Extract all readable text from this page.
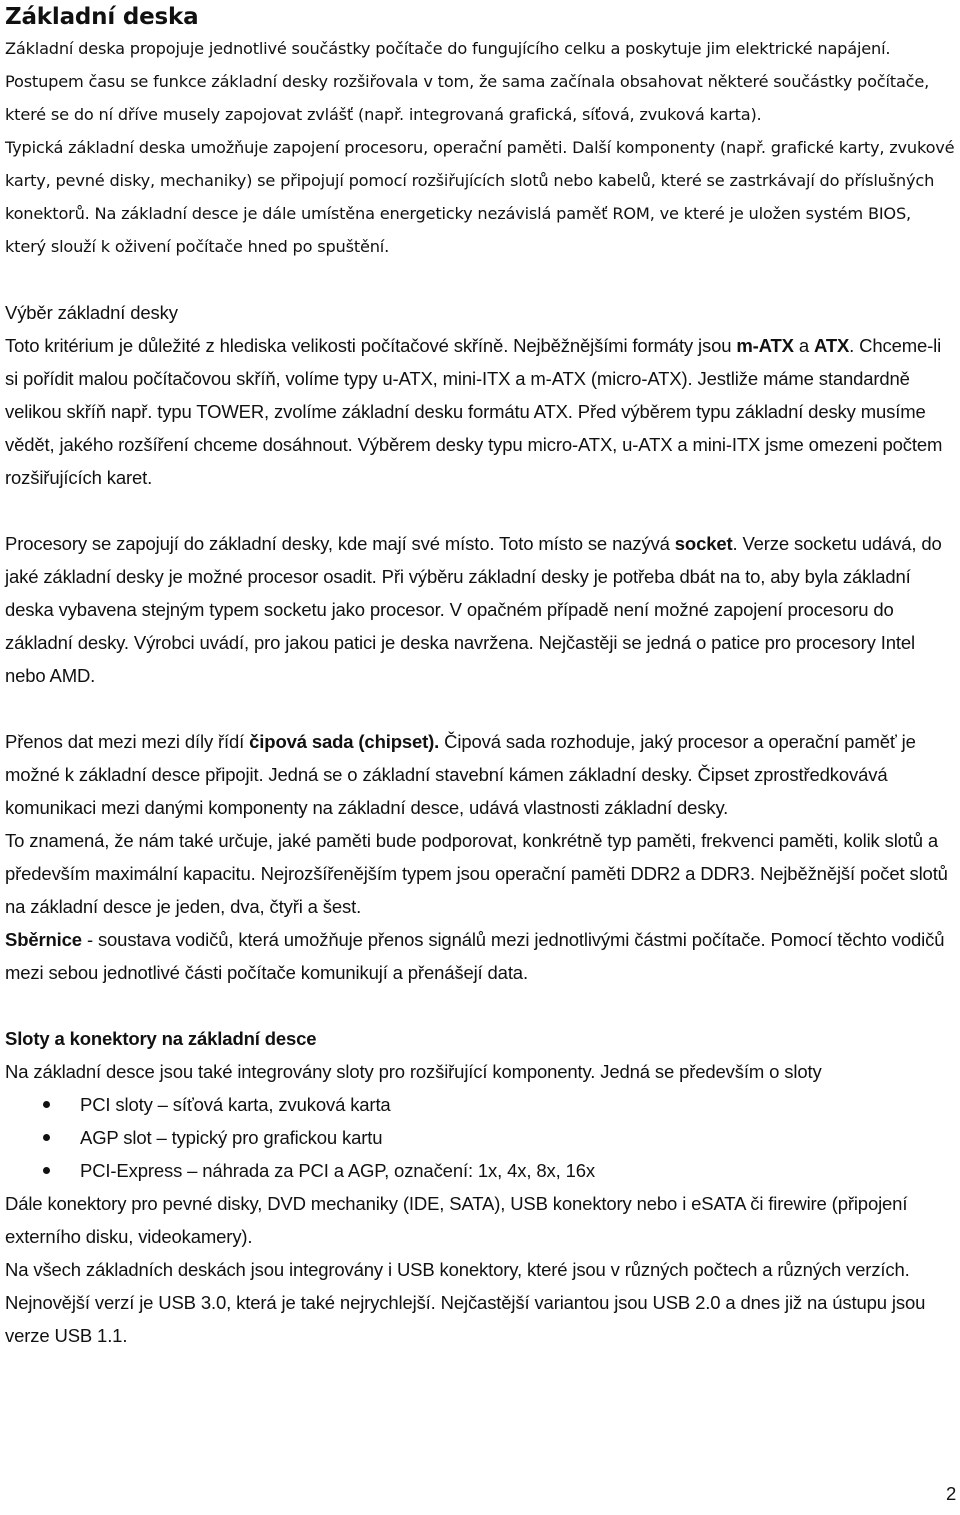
Základní deska

Základní deska propojuje jednotlivé součástky počítače do fungujícího celku a poskytuje jim elektrické napájení. Postupem času se funkce základní desky rozšiřovala v tom, že sama začínala obsahovat některé součástky počítače, které se do ní dříve musely zapojovat zvlášť (např. integrovaná grafická, síťová, zvuková karta).

Typická základní deska umožňuje zapojení procesoru, operační paměti. Další komponenty (např. grafické karty, zvukové karty, pevné disky, mechaniky) se připojují pomocí rozšiřujících slotů nebo kabelů, které se zastrkávají do příslušných konektorů. Na základní desce je dále umístěna energeticky nezávislá paměť ROM, ve které je uložen systém BIOS, který slouží k oživení počítače hned po spuštění.

Výběr základní desky

Toto kritérium je důležité z hlediska velikosti počítačové skříně. Nejběžnějšími formáty jsou m-ATX a ATX. Chceme-li si pořídit malou počítačovou skříň, volíme typy u-ATX, mini-ITX a m-ATX (micro-ATX). Jestliže máme standardně velikou skříň např. typu TOWER, zvolíme základní desku formátu ATX. Před výběrem typu základní desky musíme vědět, jakého rozšíření chceme dosáhnout. Výběrem desky typu micro-ATX, u-ATX a mini-ITX jsme omezeni počtem rozšiřujících karet.

Procesory se zapojují do základní desky, kde mají své místo. Toto místo se nazývá socket. Verze socketu udává, do jaké základní desky je možné procesor osadit. Při výběru základní desky je potřeba dbát na to, aby byla základní deska vybavena stejným typem socketu jako procesor. V opačném případě není možné zapojení procesoru do základní desky. Výrobci uvádí, pro jakou patici je deska navržena. Nejčastěji se jedná o patice pro procesory Intel nebo AMD.

Přenos dat mezi mezi díly řídí čipová sada (chipset). Čipová sada rozhoduje, jaký procesor a operační paměť je možné k základní desce připojit. Jedná se o základní stavební kámen základní desky. Čipset zprostředkovává komunikaci mezi danými komponenty na základní desce, udává vlastnosti základní desky.

To znamená, že nám také určuje, jaké paměti bude podporovat, konkrétně typ paměti, frekvenci paměti, kolik slotů a především maximální kapacitu. Nejrozšířenějším typem jsou operační paměti DDR2 a DDR3. Nejběžnější počet slotů na základní desce je jeden, dva, čtyři a šest.

Sběrnice - soustava vodičů, která umožňuje přenos signálů mezi jednotlivými částmi počítače. Pomocí těchto vodičů mezi sebou jednotlivé části počítače komunikují a přenášejí data.

Sloty a konektory na základní desce

Na základní desce jsou také integrovány sloty pro rozšiřující komponenty. Jedná se především o sloty

PCI sloty – síťová karta, zvuková karta
AGP slot – typický pro grafickou kartu
PCI-Express – náhrada za PCI a AGP, označení: 1x, 4x, 8x, 16x

Dále konektory pro pevné disky, DVD mechaniky (IDE, SATA), USB konektory nebo i eSATA či firewire (připojení externího disku, videokamery).

Na všech základních deskách jsou integrovány i USB konektory, které jsou v různých počtech a různých verzích. Nejnovější verzí je USB 3.0, která je také nejrychlejší. Nejčastější variantou jsou USB 2.0 a dnes již na ústupu jsou verze USB 1.1.

2
